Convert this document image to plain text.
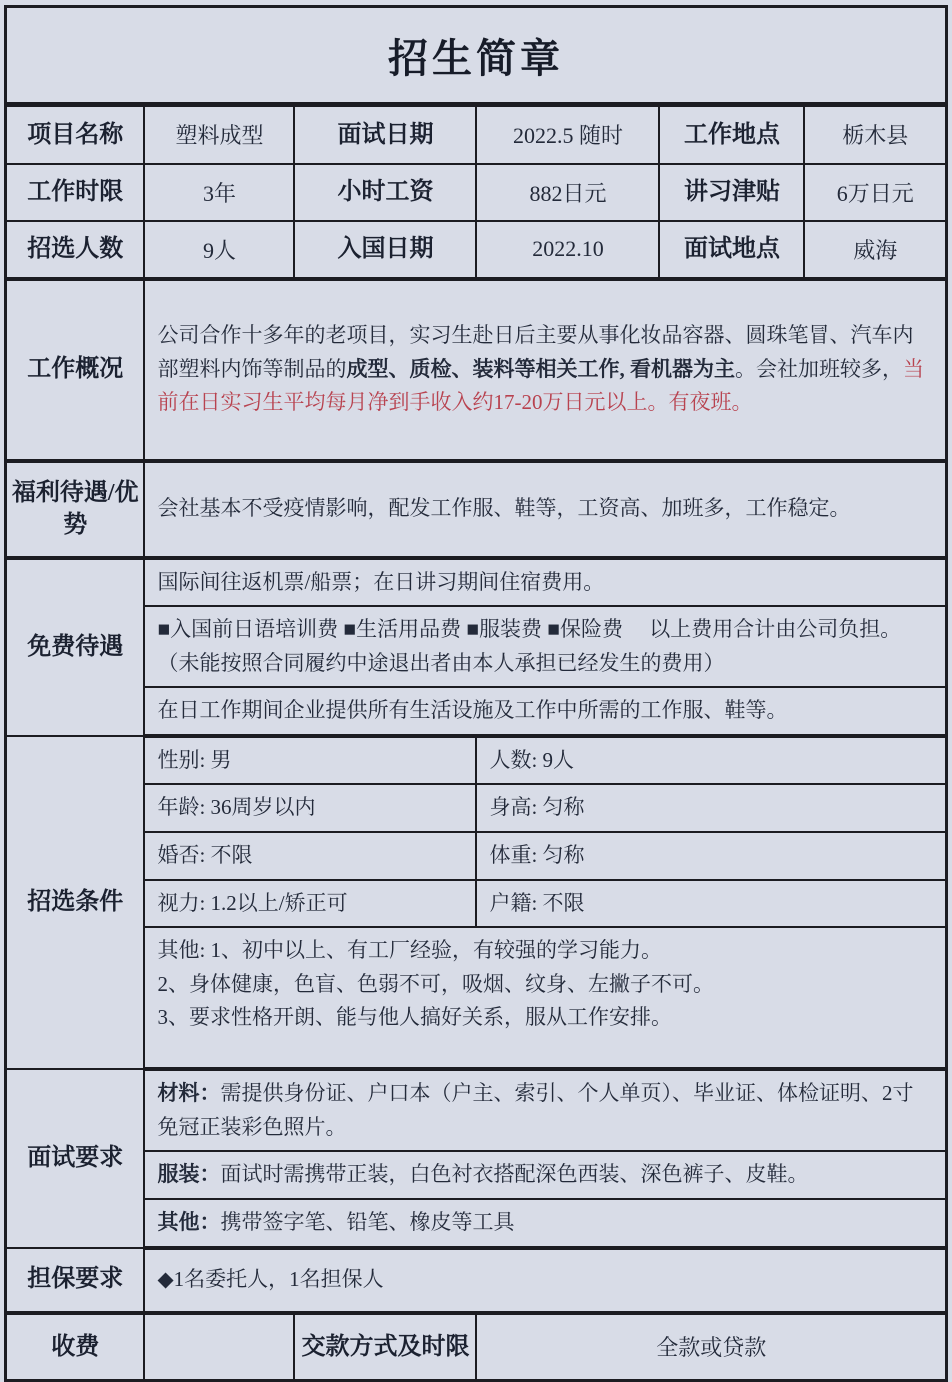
招生简章					
项目名称	塑料成型	面试日期	2022.5 随时	工作地点	栃木县
工作时限	3年	小时工资	882日元	讲习津贴	6万日元
招选人数	9人	入国日期	2022.10	面试地点	威海
工作概况	公司合作十多年的老项目，实习生赴日后主要从事化妆品容器、圆珠笔冒、汽车内部塑料内饰等制品的成型、质检、装料等相关工作, 看机器为主。会社加班较多，当前在日实习生平均每月净到手收入约17-20万日元以上。有夜班。				
福利待遇/优势	会社基本不受疫情影响，配发工作服、鞋等，工资高、加班多，工作稳定。				
免费待遇	国际间往返机票/船票；在日讲习期间住宿费用。				

	■入国前日语培训费 ■生活用品费 ■服装费 ■保险费　 以上费用合计由公司负担。
（未能按照合同履约中途退出者由本人承担已经发生的费用）				

	在日工作期间企业提供所有生活设施及工作中所需的工作服、鞋等。				
招选条件	性别: 男		人数: 9人		
	年龄: 36周岁以内		身高: 匀称		
	婚否: 不限		体重: 匀称		
	视力: 1.2以上/矫正可		户籍: 不限		

	其他: 1、初中以上、有工厂经验，有较强的学习能力。
2、身体健康，色盲、色弱不可，吸烟、纹身、左撇子不可。
3、要求性格开朗、能与他人搞好关系，服从工作安排。				

面试要求	材料：需提供身份证、户口本（户主、索引、个人单页）、毕业证、体检证明、2寸免冠正装彩色照片。				
	服装：面试时需携带正装，白色衬衣搭配深色西装、深色裤子、皮鞋。				
	其他：携带签字笔、铅笔、橡皮等工具				
担保要求	◆1名委托人，1名担保人				
收费		交款方式及时限	全款或贷款		
